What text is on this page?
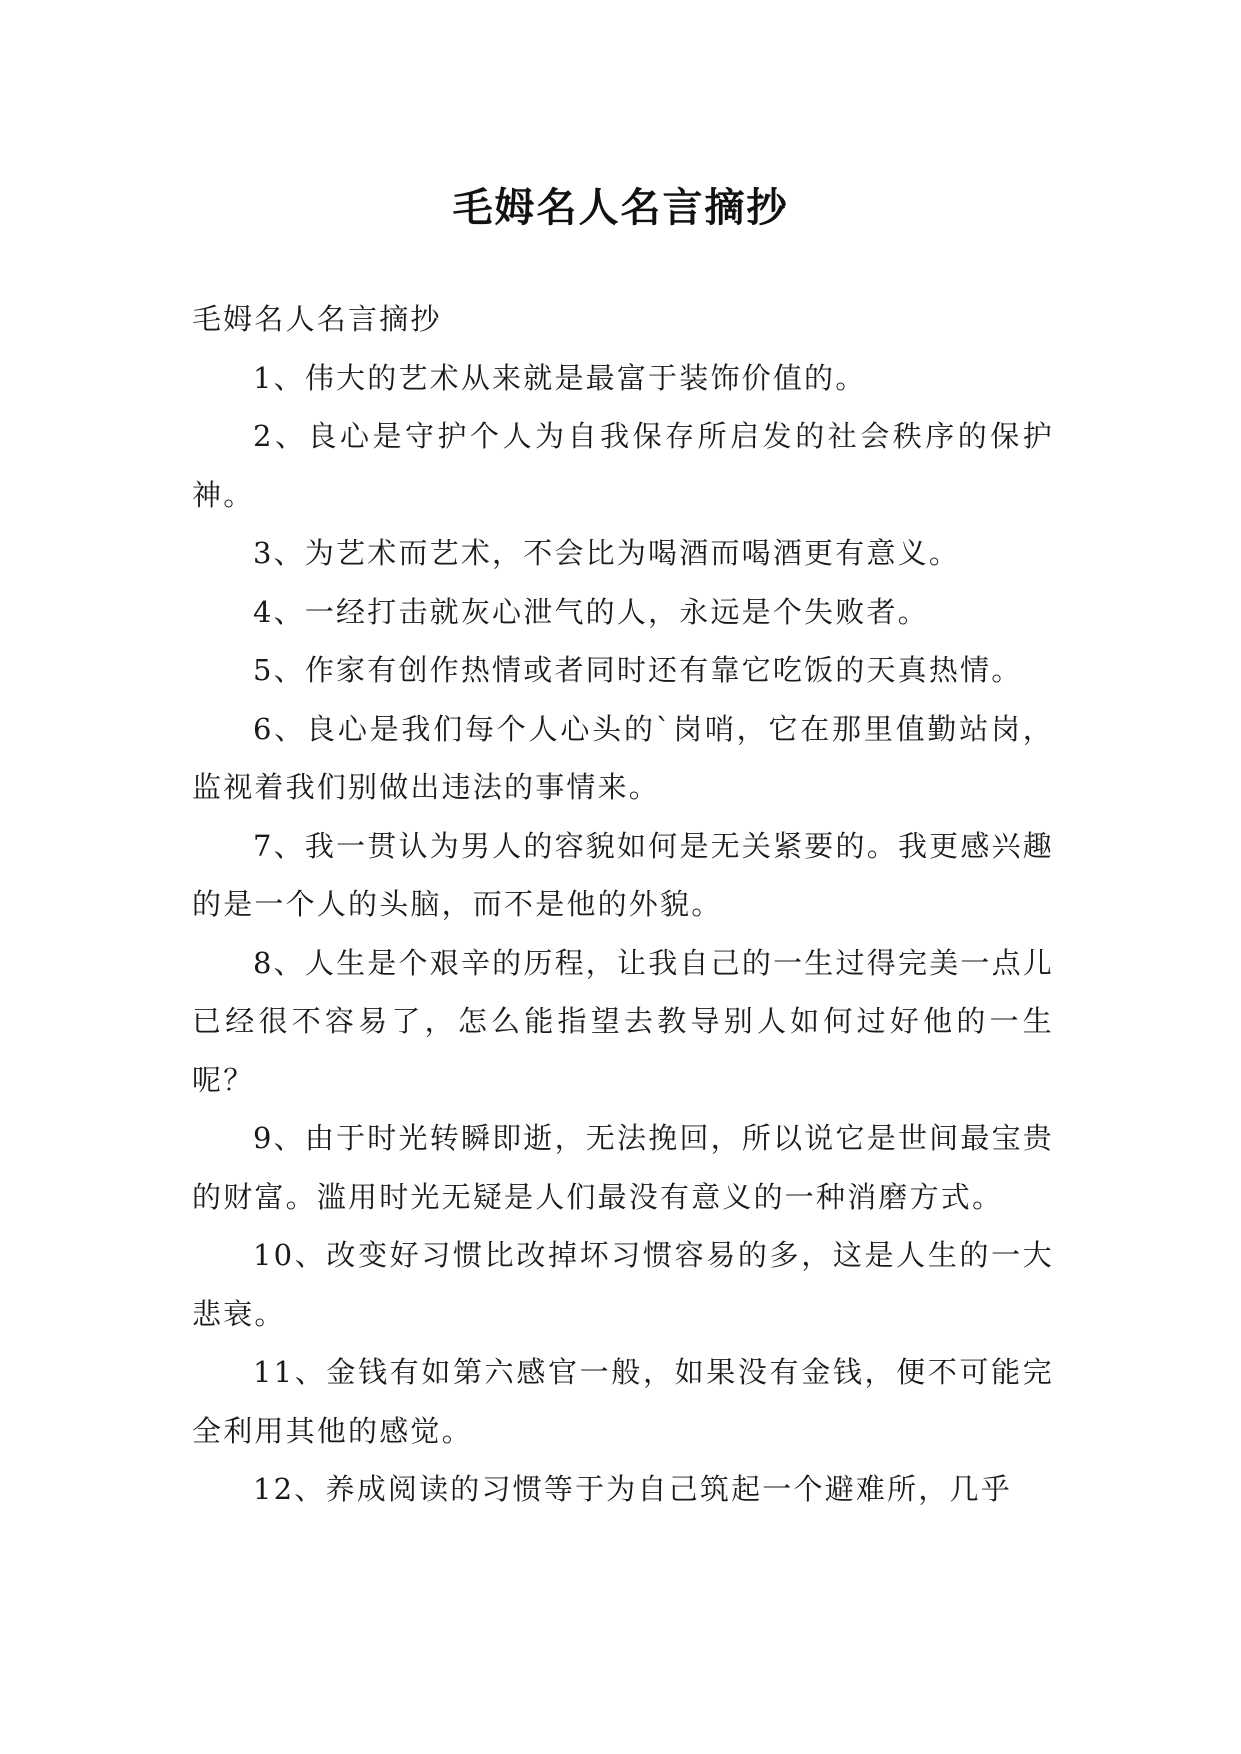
毛姆名人名言摘抄

毛姆名人名言摘抄

1、伟大的艺术从来就是最富于装饰价值的。

2、良心是守护个人为自我保存所启发的社会秩序的保护神。

3、为艺术而艺术，不会比为喝酒而喝酒更有意义。

4、一经打击就灰心泄气的人，永远是个失败者。

5、作家有创作热情或者同时还有靠它吃饭的天真热情。

6、良心是我们每个人心头的`岗哨，它在那里值勤站岗，监视着我们别做出违法的事情来。

7、我一贯认为男人的容貌如何是无关紧要的。我更感兴趣的是一个人的头脑，而不是他的外貌。

8、人生是个艰辛的历程，让我自己的一生过得完美一点儿已经很不容易了，怎么能指望去教导别人如何过好他的一生呢？

9、由于时光转瞬即逝，无法挽回，所以说它是世间最宝贵的财富。滥用时光无疑是人们最没有意义的一种消磨方式。

10、改变好习惯比改掉坏习惯容易的多，这是人生的一大悲衰。

11、金钱有如第六感官一般，如果没有金钱，便不可能完全利用其他的感觉。

12、养成阅读的习惯等于为自己筑起一个避难所，几乎
